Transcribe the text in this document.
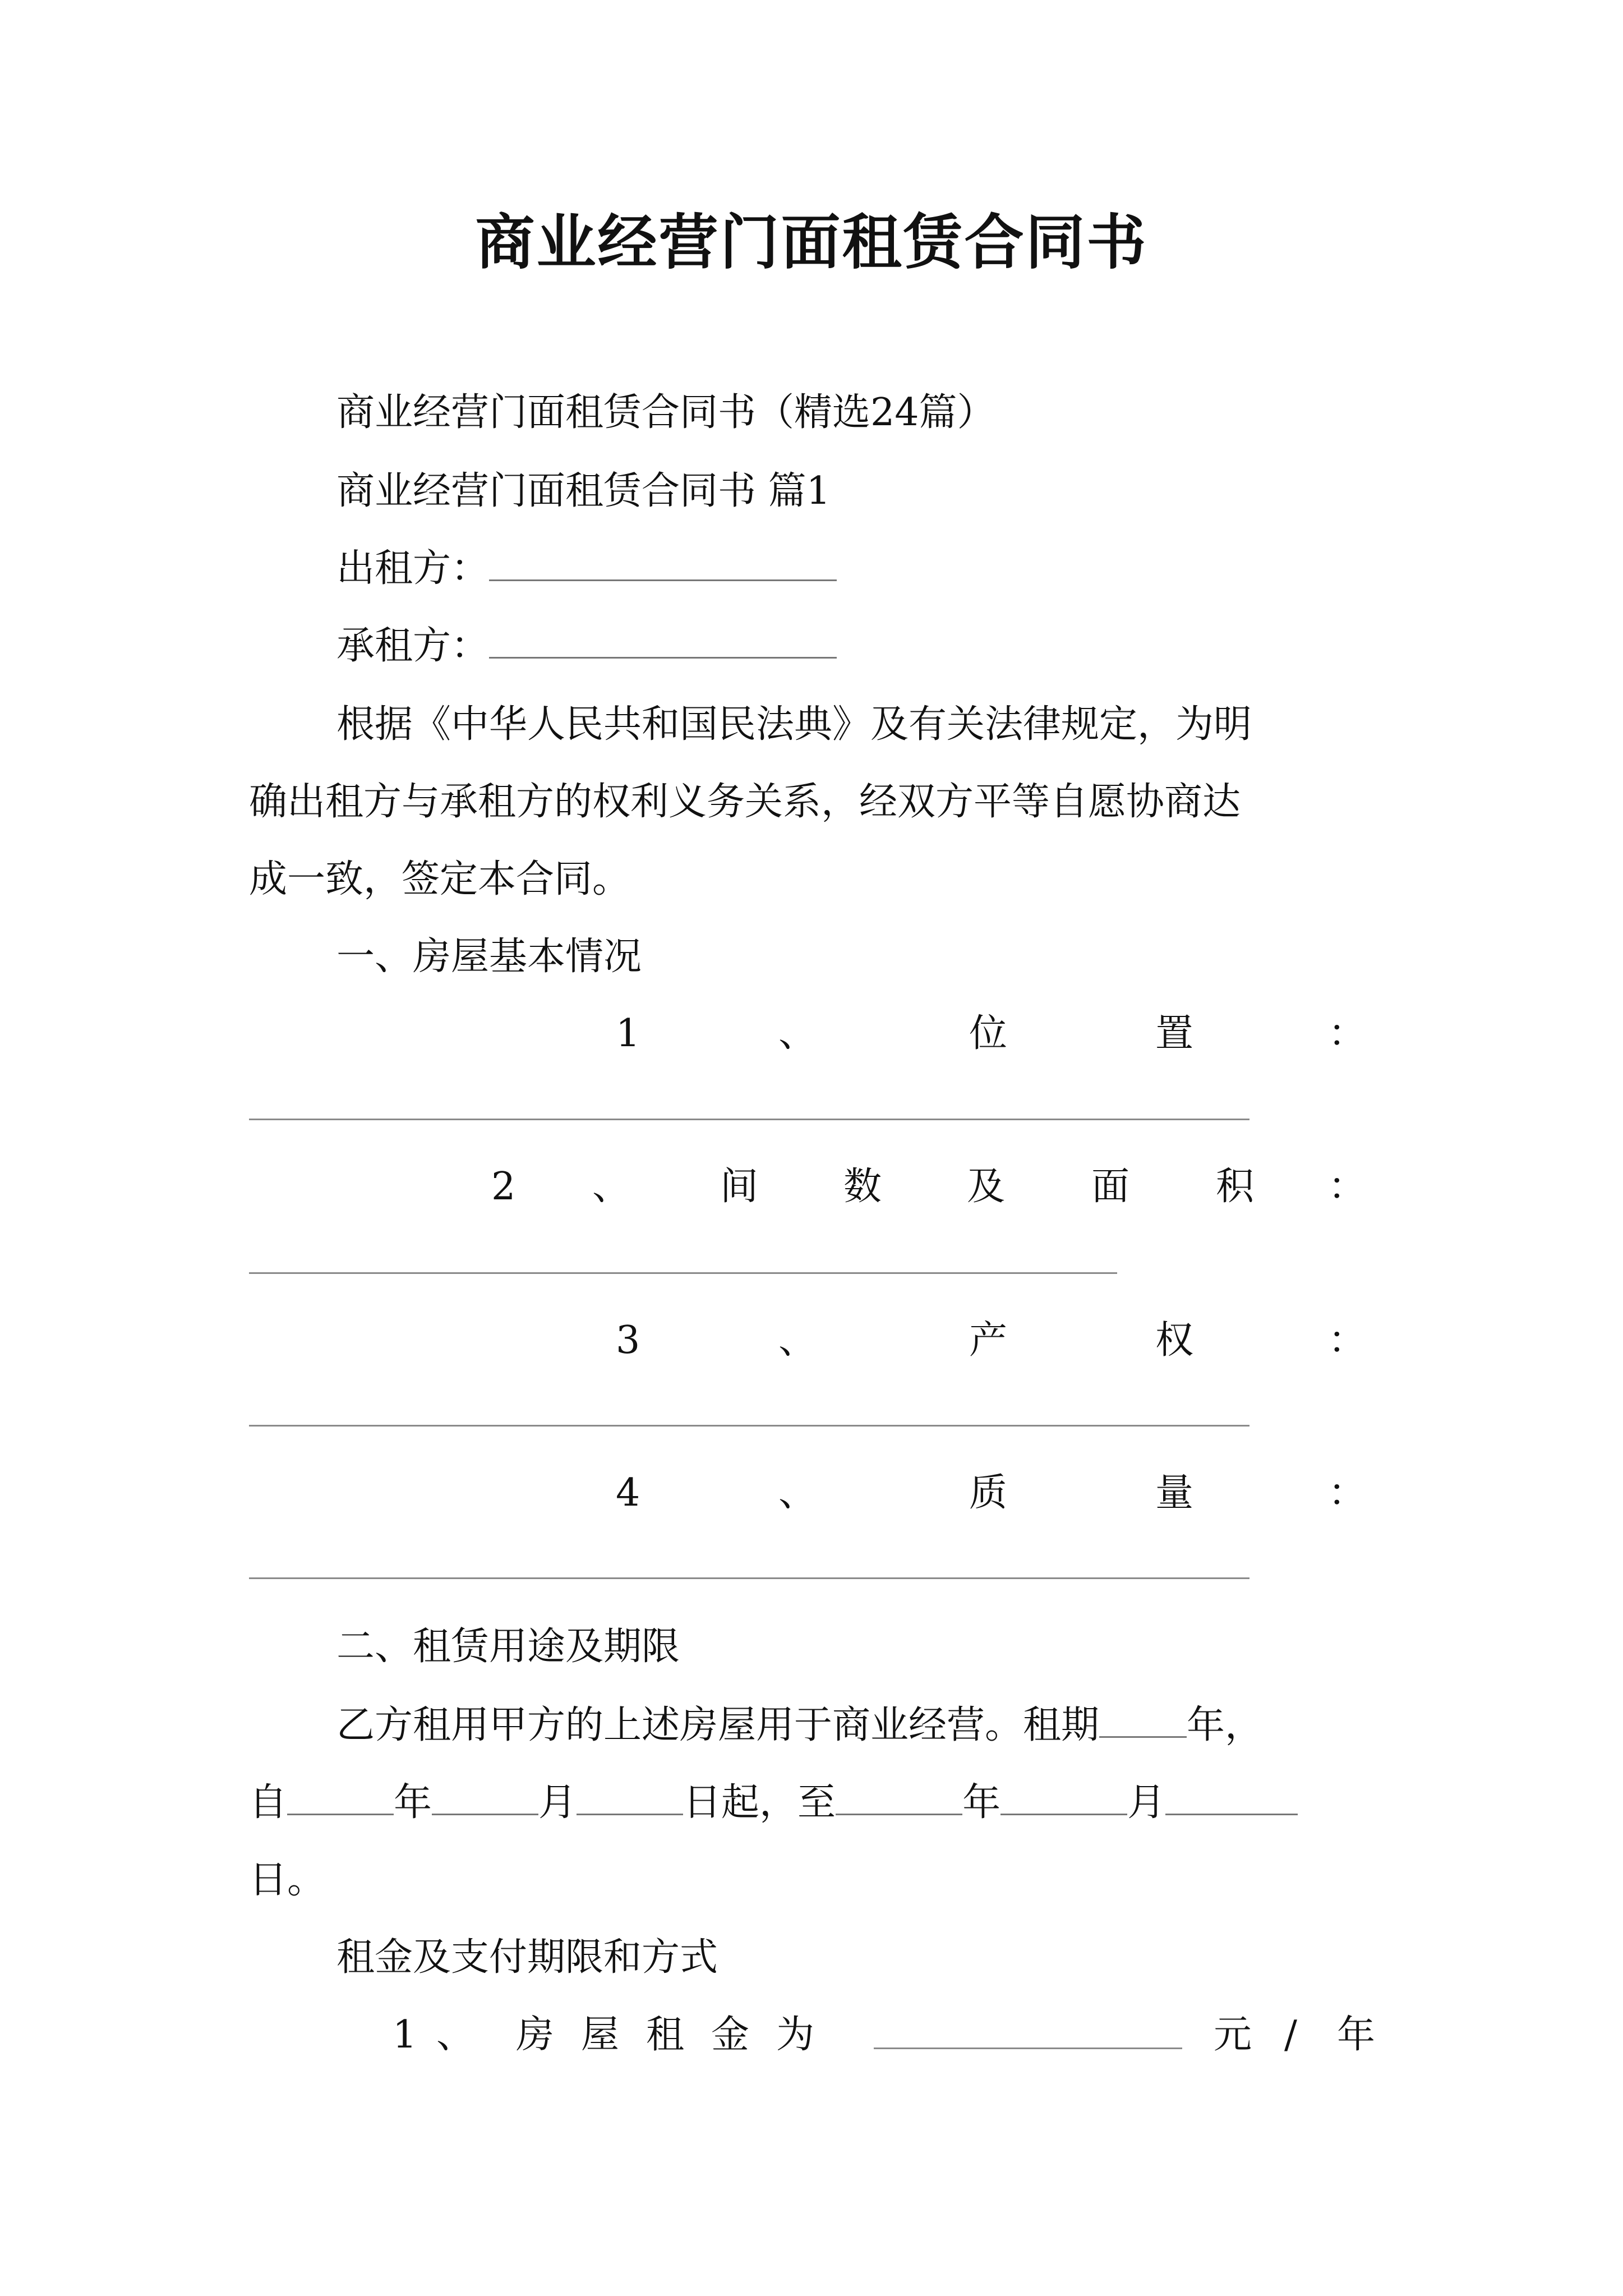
商业经营门面租赁合同书
商业经营门面租赁合同书（精选24篇）
商业经营门面租赁合同书 篇1
出租方：
承租方：
根据《中华人民共和国民法典》及有关法律规定，为明
确出租方与承租方的权利义务关系，经双方平等自愿协商达
成一致，签定本合同。
一、房屋基本情况
1	、	位	置	：
2 、 间 数 及 面 积 ：
3	、	产	权	：
4	、	质	量	：
二、租赁用途及期限
乙方租用甲方的上述房屋用于商业经营。租期 年，
自	年	月	日起，至	年	月
日。
租金及支付期限和方式
1 、 房 屋 租 金 为	元 / 年
